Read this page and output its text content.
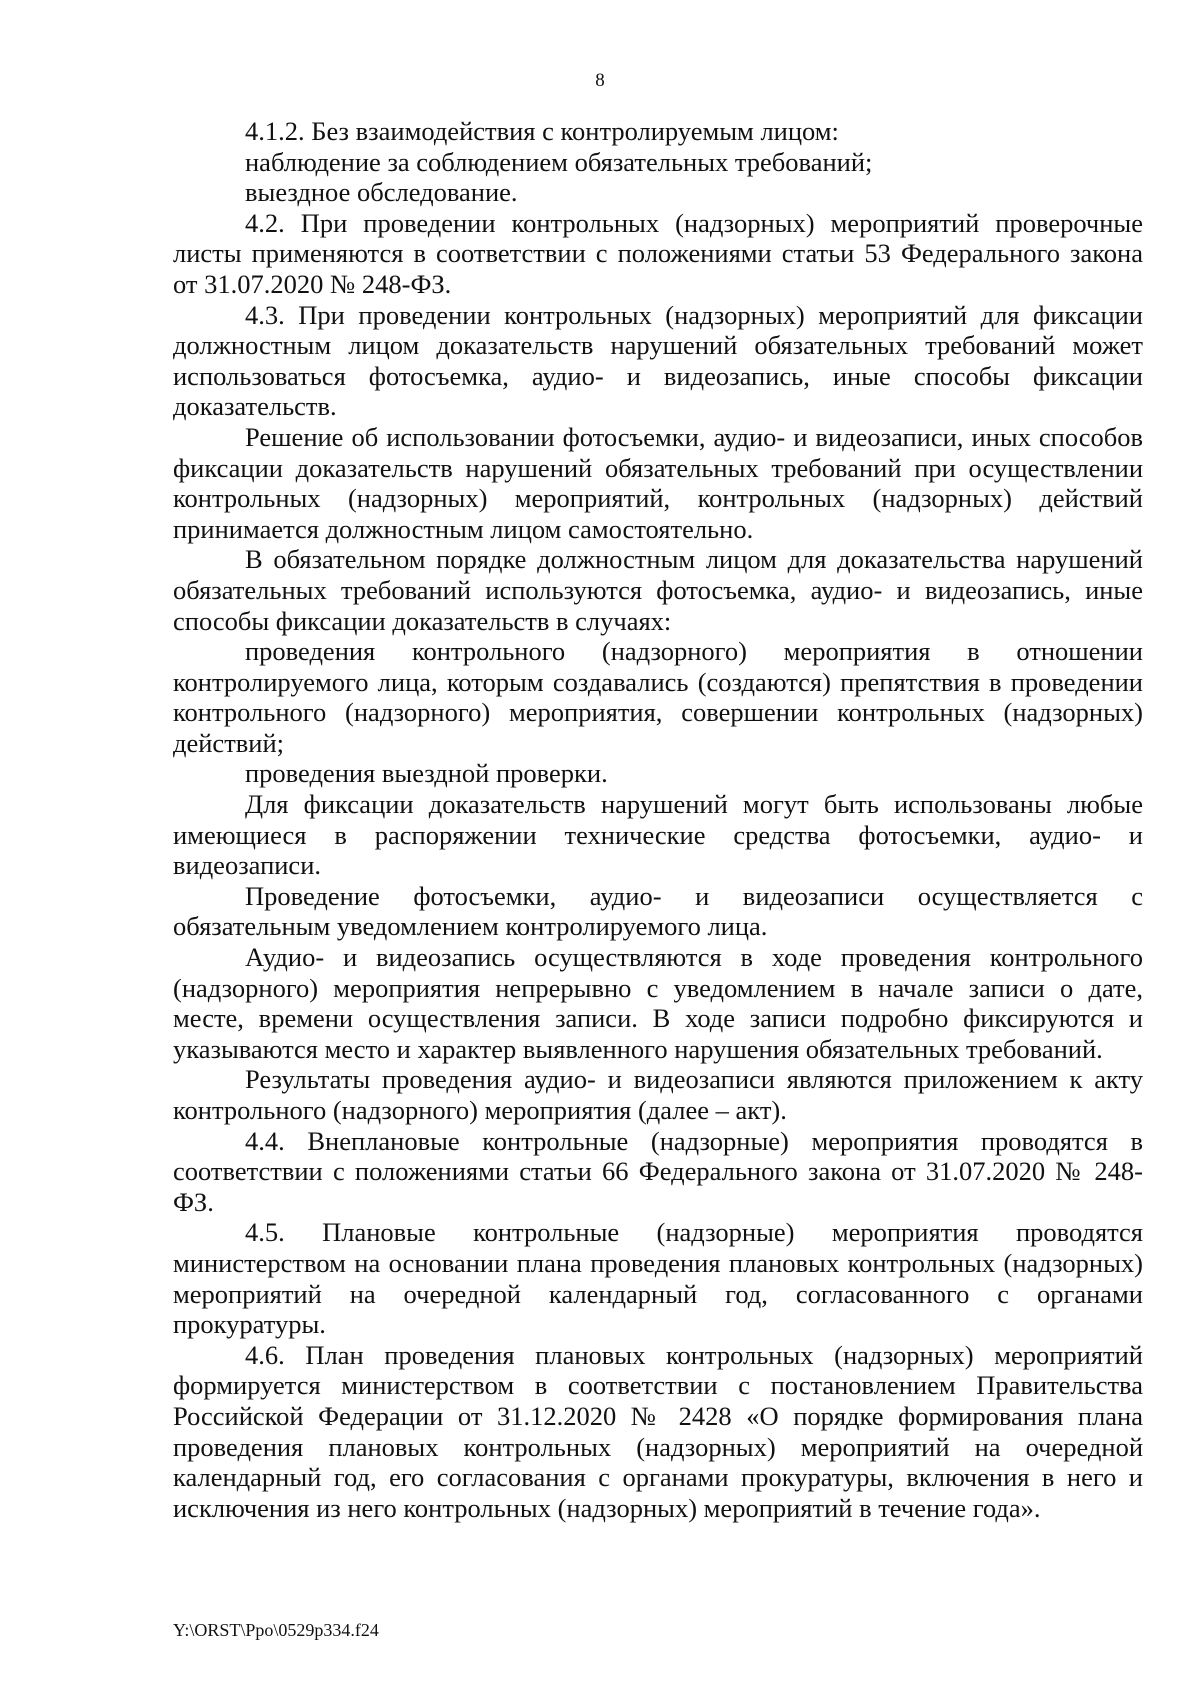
8

4.1.2. Без взаимодействия с контролируемым лицом:

наблюдение за соблюдением обязательных требований;

выездное обследование.

4.2. При проведении контрольных (надзорных) мероприятий проверочные листы применяются в соответствии с положениями статьи 53 Федерального закона от 31.07.2020 № 248-ФЗ.

4.3. При проведении контрольных (надзорных) мероприятий для фиксации должностным лицом доказательств нарушений обязательных требований может использоваться фотосъемка, аудио- и видеозапись, иные способы фиксации доказательств.

Решение об использовании фотосъемки, аудио- и видеозаписи, иных способов фиксации доказательств нарушений обязательных требований при осуществлении контрольных (надзорных) мероприятий, контрольных (надзорных) действий принимается должностным лицом самостоятельно.

В обязательном порядке должностным лицом для доказательства нарушений обязательных требований используются фотосъемка, аудио- и видеозапись, иные способы фиксации доказательств в случаях:

проведения контрольного (надзорного) мероприятия в отношении контролируемого лица, которым создавались (создаются) препятствия в проведении контрольного (надзорного) мероприятия, совершении контрольных (надзорных) действий;

проведения выездной проверки.

Для фиксации доказательств нарушений могут быть использованы любые имеющиеся в распоряжении технические средства фотосъемки, аудио- и видеозаписи.

Проведение фотосъемки, аудио- и видеозаписи осуществляется с обязательным уведомлением контролируемого лица.

Аудио- и видеозапись осуществляются в ходе проведения контрольного (надзорного) мероприятия непрерывно с уведомлением в начале записи о дате, месте, времени осуществления записи. В ходе записи подробно фиксируются и указываются место и характер выявленного нарушения обязательных требований.

Результаты проведения аудио- и видеозаписи являются приложением к акту контрольного (надзорного) мероприятия (далее – акт).

4.4. Внеплановые контрольные (надзорные) мероприятия проводятся в соответствии с положениями статьи 66 Федерального закона от 31.07.2020 № 248-ФЗ.

4.5. Плановые контрольные (надзорные) мероприятия проводятся министерством на основании плана проведения плановых контрольных (надзорных) мероприятий на очередной календарный год, согласованного с органами прокуратуры.

4.6. План проведения плановых контрольных (надзорных) мероприятий формируется министерством в соответствии с постановлением Правительства Российской Федерации от 31.12.2020 № 2428 «О порядке формирования плана проведения плановых контрольных (надзорных) мероприятий на очередной календарный год, его согласования с органами прокуратуры, включения в него и исключения из него контрольных (надзорных) мероприятий в течение года».

Y:\ORST\Ppo\0529p334.f24
